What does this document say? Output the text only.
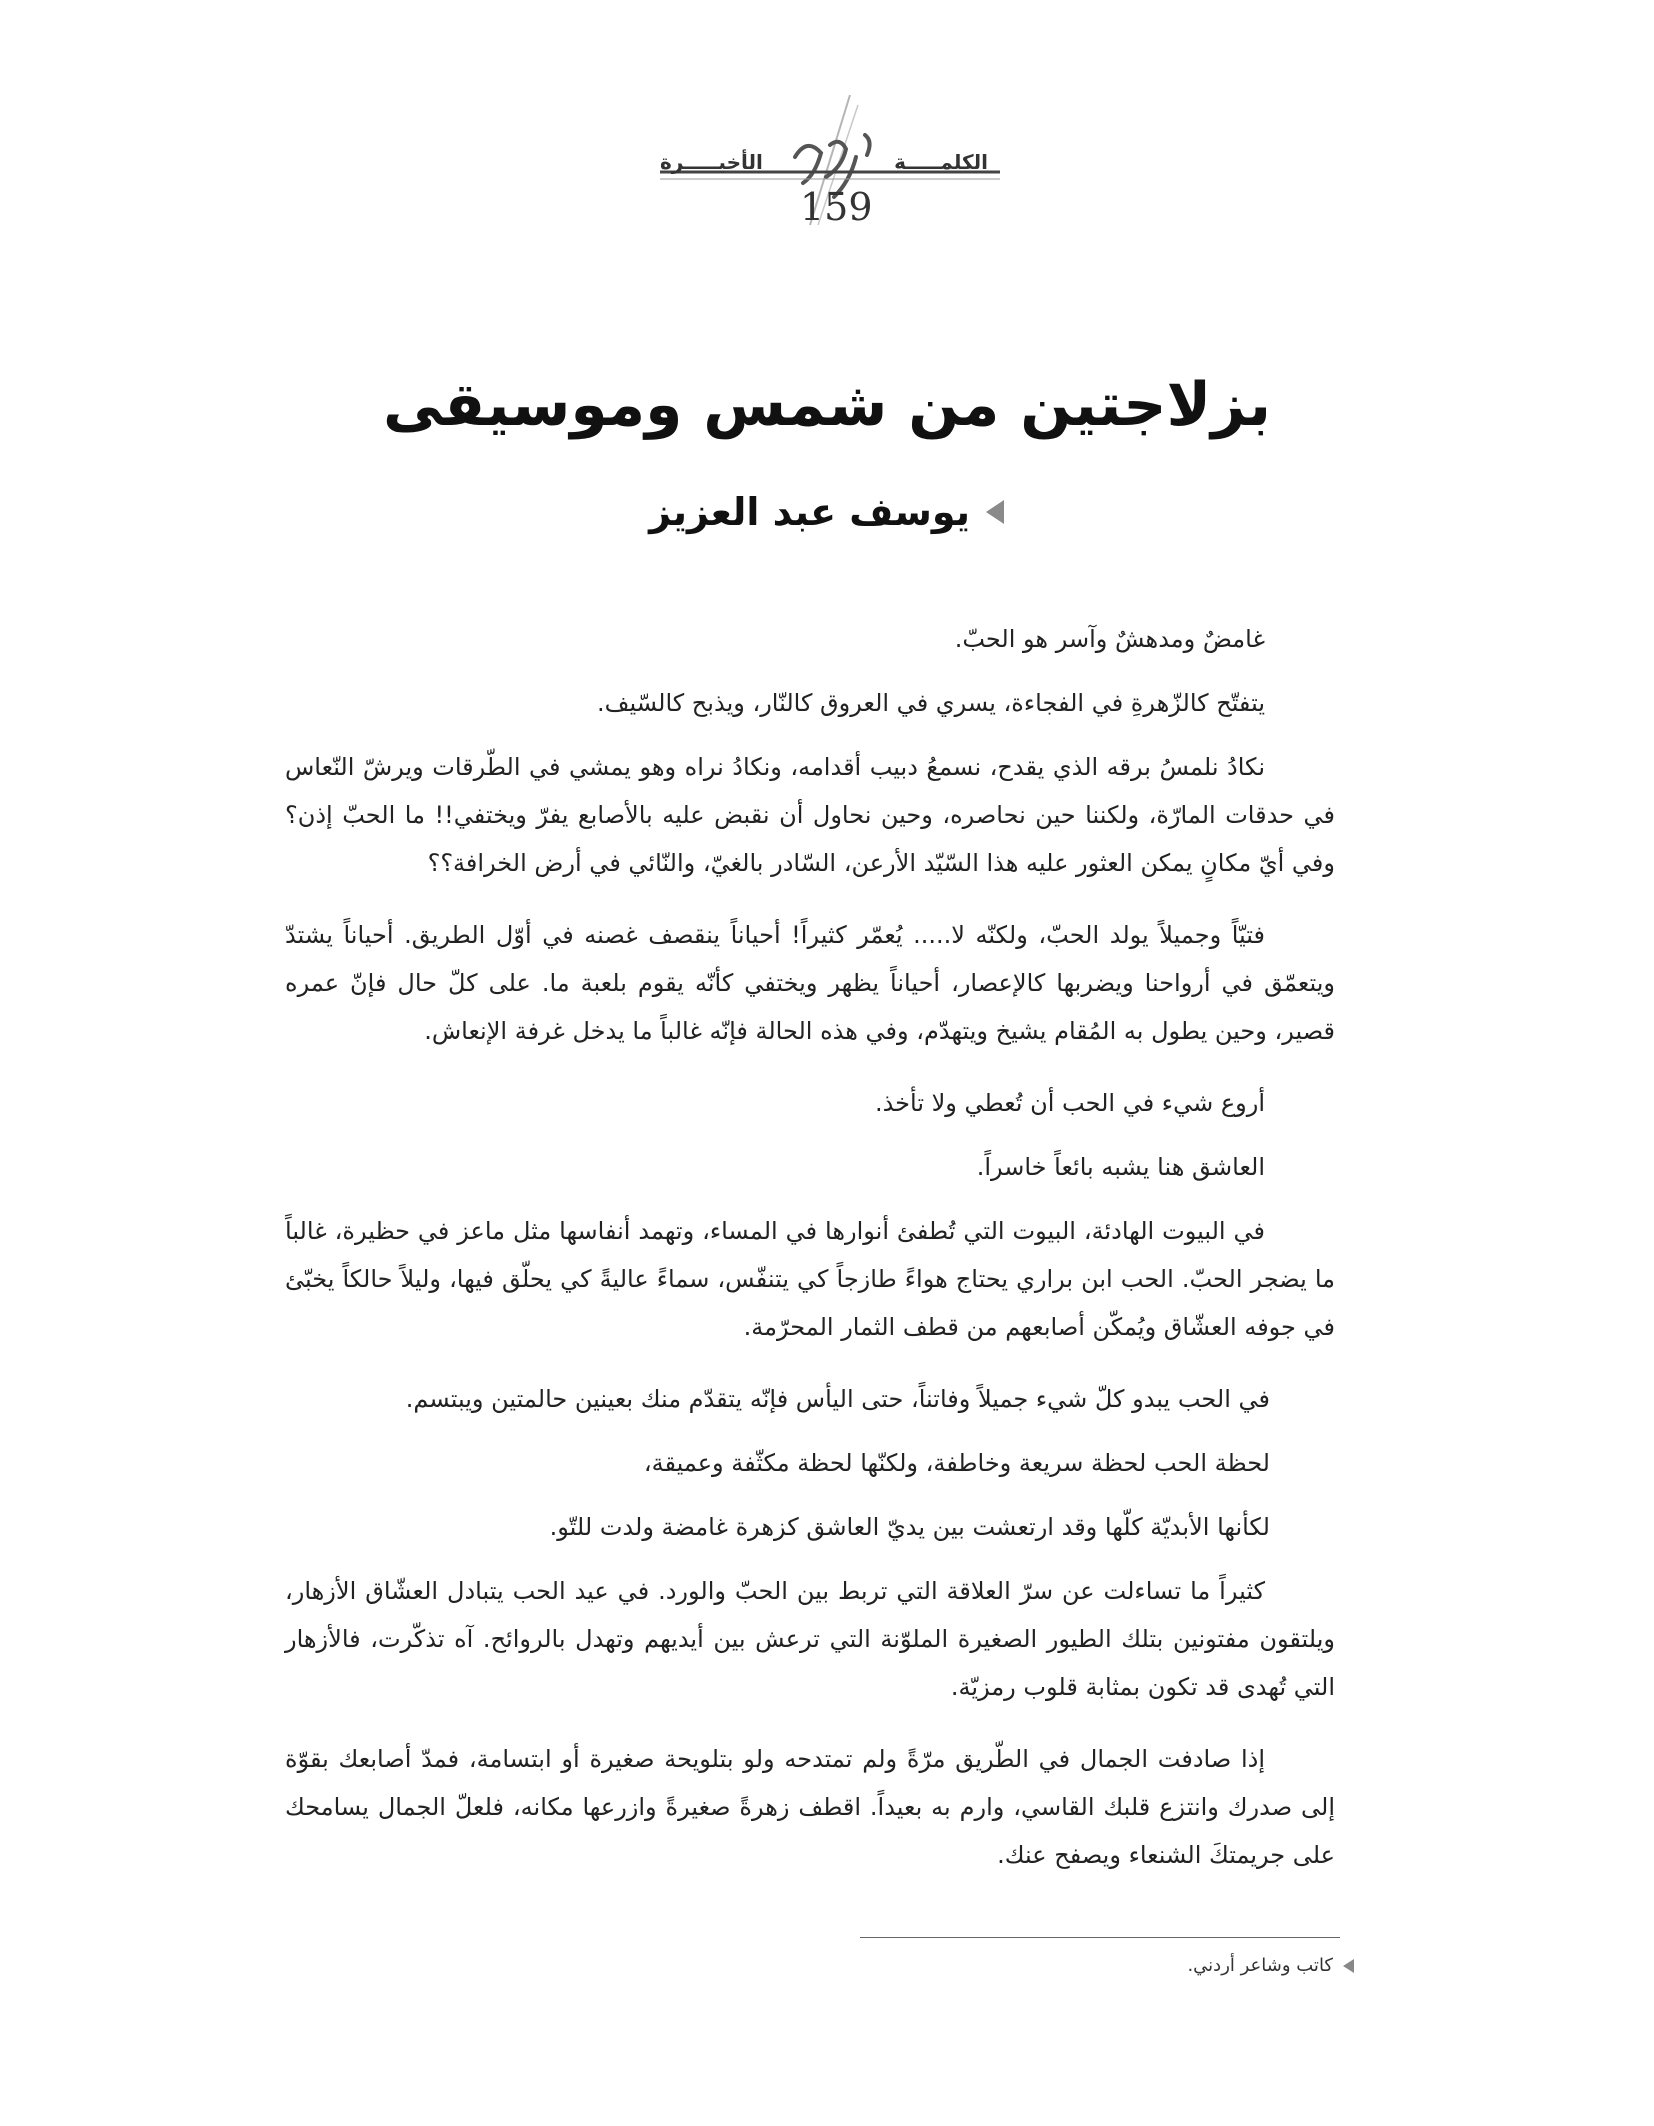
الكلمـــــة
الأخيـــــرة
159
بزلاجتين من شمس وموسيقى
يوسف عبد العزيز

غامضٌ ومدهشٌ وآسر هو الحبّ.

يتفتّح كالزّهرةِ في الفجاءة، يسري في العروق كالنّار، ويذبح كالسّيف.

نكادُ نلمسُ برقه الذي يقدح، نسمعُ دبيب أقدامه، ونكادُ نراه وهو يمشي في الطّرقات ويرشّ النّعاس في حدقات المارّة، ولكننا حين نحاصره، وحين نحاول أن نقبض عليه بالأصابع يفرّ ويختفي!! ما الحبّ إذن؟ وفي أيّ مكانٍ يمكن العثور عليه هذا السّيّد الأرعن، السّادر بالغيّ، والنّائي في أرض الخرافة؟؟

فتيّاً وجميلاً يولد الحبّ، ولكنّه لا..... يُعمّر كثيراً! أحياناً ينقصف غصنه في أوّل الطريق. أحياناً يشتدّ ويتعمّق في أرواحنا ويضربها كالإعصار، أحياناً يظهر ويختفي كأنّه يقوم بلعبة ما. على كلّ حال فإنّ عمره قصير، وحين يطول به المُقام يشيخ ويتهدّم، وفي هذه الحالة فإنّه غالباً ما يدخل غرفة الإنعاش.

أروع شيء في الحب أن تُعطي ولا تأخذ.

العاشق هنا يشبه بائعاً خاسراً.

في البيوت الهادئة، البيوت التي تُطفئ أنوارها في المساء، وتهمد أنفاسها مثل ماعز في حظيرة، غالباً ما يضجر الحبّ. الحب ابن براري يحتاج هواءً طازجاً كي يتنفّس، سماءً عاليةً كي يحلّق فيها، وليلاً حالكاً يخبّئ في جوفه العشّاق ويُمكّن أصابعهم من قطف الثمار المحرّمة.

في الحب يبدو كلّ شيء جميلاً وفاتناً، حتى اليأس فإنّه يتقدّم منك بعينين حالمتين ويبتسم.

لحظة الحب لحظة سريعة وخاطفة، ولكنّها لحظة مكثّفة وعميقة،

لكأنها الأبديّة كلّها وقد ارتعشت بين يديّ العاشق كزهرة غامضة ولدت للتّو.

كثيراً ما تساءلت عن سرّ العلاقة التي تربط بين الحبّ والورد. في عيد الحب يتبادل العشّاق الأزهار، ويلتقون مفتونين بتلك الطيور الصغيرة الملوّنة التي ترعش بين أيديهم وتهدل بالروائح. آه تذكّرت، فالأزهار التي تُهدى قد تكون بمثابة قلوب رمزيّة.

إذا صادفت الجمال في الطّريق مرّةً ولم تمتدحه ولو بتلويحة صغيرة أو ابتسامة، فمدّ أصابعك بقوّة إلى صدرك وانتزع قلبك القاسي، وارم به بعيداً. اقطف زهرةً صغيرةً وازرعها مكانه، فلعلّ الجمال يسامحك على جريمتكَ الشنعاء ويصفح عنك.

كاتب وشاعر أردني.
